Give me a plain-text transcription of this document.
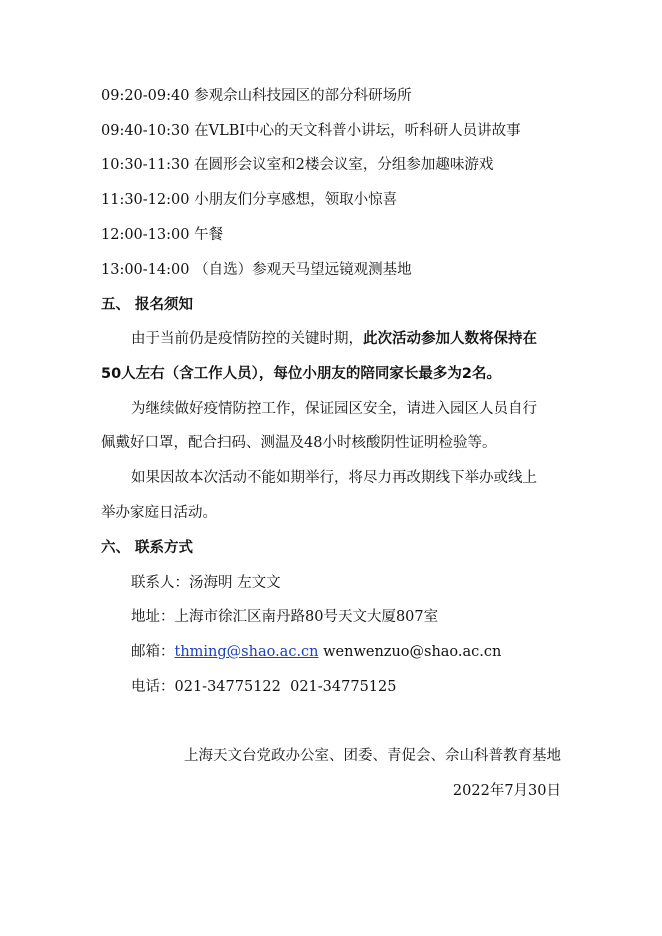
09:20-09:40 参观佘山科技园区的部分科研场所
09:40-10:30 在VLBI中心的天文科普小讲坛，听科研人员讲故事
10:30-11:30 在圆形会议室和2楼会议室，分组参加趣味游戏
11:30-12:00 小朋友们分享感想，领取小惊喜
12:00-13:00 午餐
13:00-14:00 （自选）参观天马望远镜观测基地
五、 报名须知
由于当前仍是疫情防控的关键时期，此次活动参加人数将保持在
50人左右（含工作人员），每位小朋友的陪同家长最多为2名。
为继续做好疫情防控工作，保证园区安全，请进入园区人员自行
佩戴好口罩，配合扫码、测温及48小时核酸阴性证明检验等。
如果因故本次活动不能如期举行，将尽力再改期线下举办或线上
举办家庭日活动。
六、 联系方式
联系人：汤海明 左文文
地址：上海市徐汇区南丹路80号天文大厦807室
邮箱：thming@shao.ac.cn wenwenzuo@shao.ac.cn
电话：021-34775122  021-34775125
上海天文台党政办公室、团委、青促会、佘山科普教育基地
2022年7月30日
